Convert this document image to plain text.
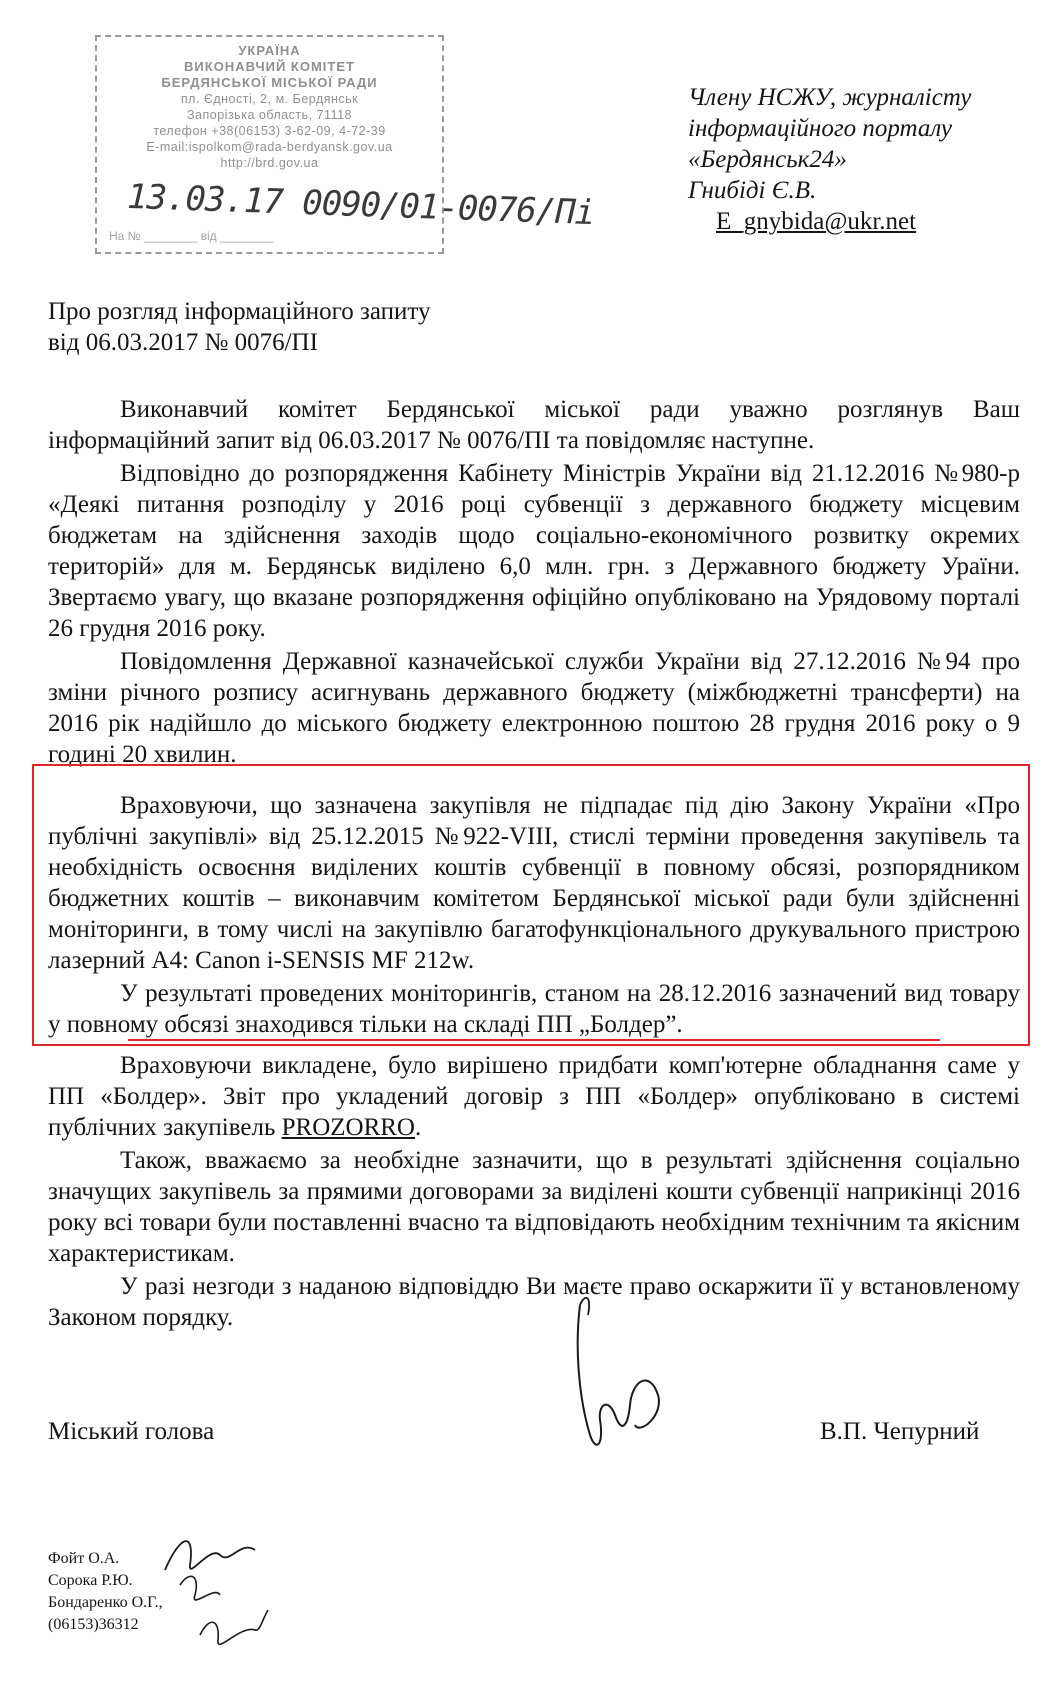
УКРАЇНА
ВИКОНАВЧИЙ КОМІТЕТ
БЕРДЯНСЬКОЇ МІСЬКОЇ РАДИ
пл. Єдності, 2, м. Бердянськ
Запорізька область, 71118
телефон +38(06153) 3-62-09, 4-72-39
E-mail:ispolkom@rada-berdyansk.gov.ua
http://brd.gov.ua
13.03.17 0090/01-0076/Пі
На № ________ від ________
Члену НСЖУ, журналісту
інформаційного порталу
«Бердянськ24»
Гнибіді Є.В.
E_gnybida@ukr.net
Про розгляд інформаційного запиту
від 06.03.2017 № 0076/ПІ

Виконавчий комітет Бердянської міської ради уважно розглянув Ваш інформаційний запит від 06.03.2017 № 0076/ПІ та повідомляє наступне.

Відповідно до розпорядження Кабінету Міністрів України від 21.12.2016 №980-р «Деякі питання розподілу у 2016 році субвенції з державного бюджету місцевим бюджетам на здійснення заходів щодо соціально-економічного розвитку окремих територій» для м. Бердянськ виділено 6,0 млн. грн. з Державного бюджету Ураїни. Звертаємо увагу, що вказане розпорядження офіційно опубліковано на Урядовому порталі 26 грудня 2016 року.

Повідомлення Державної казначейської служби України від 27.12.2016 №94 про зміни річного розпису асигнувань державного бюджету (міжбюджетні трансферти) на 2016 рік надійшло до міського бюджету електронною поштою 28 грудня 2016 року о 9 годині 20 хвилин.

Враховуючи, що зазначена закупівля не підпадає під дію Закону України «Про публічні закупівлі» від 25.12.2015 №922-VIII, стислі терміни проведення закупівель та необхідність освоєння виділених коштів субвенції в повному обсязі, розпорядником бюджетних коштів – виконавчим комітетом Бердянської міської ради були здійсненні моніторинги, в тому числі на закупівлю багатофункціонального друкувального пристрою лазерний А4: Canon i-SENSIS MF 212w.

У результаті проведених моніторингів, станом на 28.12.2016 зазначений вид товару у повному обсязі знаходився тільки на складі ПП „Болдер”.

Враховуючи викладене, було вирішено придбати комп'ютерне обладнання саме у ПП «Болдер». Звіт про укладений договір з ПП «Болдер» опубліковано в системі публічних закупівель PROZORRO.

Також, вважаємо за необхідне зазначити, що в результаті здійснення соціально значущих закупівель за прямими договорами за виділені кошти субвенції наприкінці 2016 року всі товари були поставленні вчасно та відповідають необхідним технічним та якісним характеристикам.

У разі незгоди з наданою відповіддю Ви маєте право оскаржити її у встановленому Законом порядку.

Міський голова	В.П. Чепурний
Фойт О.А.
Сорока Р.Ю.
Бондаренко О.Г.,
(06153)36312
